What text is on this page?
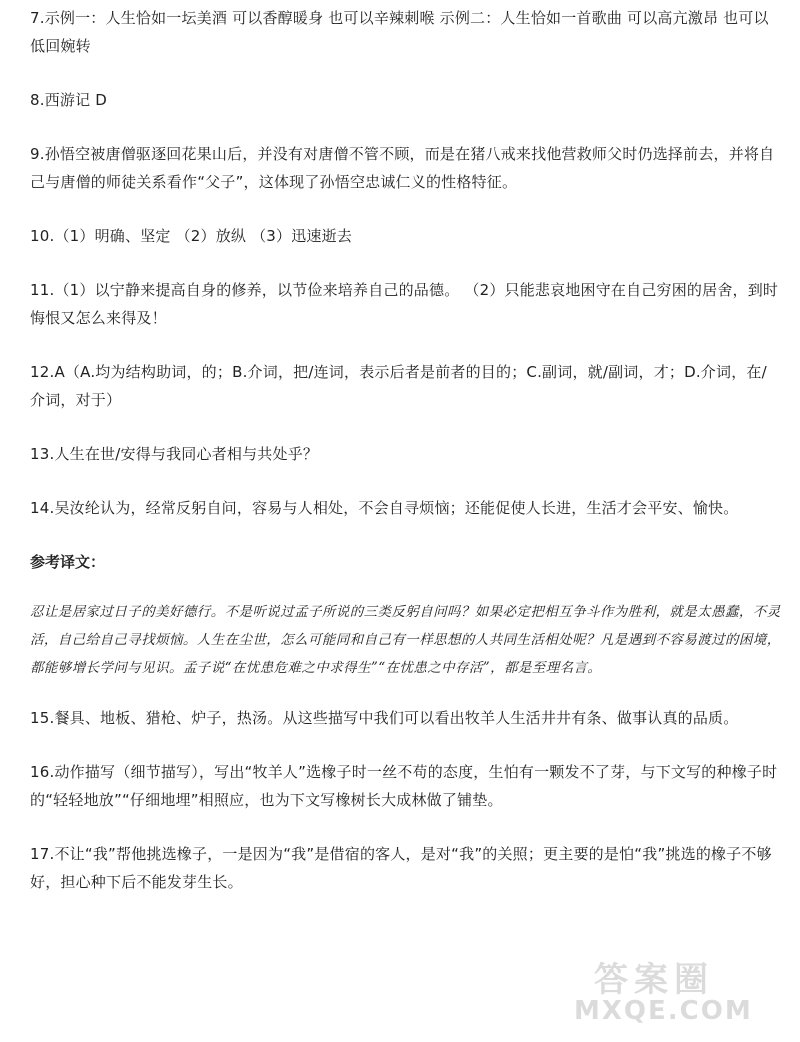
7.示例一：人生恰如一坛美酒 可以香醇暖身 也可以辛辣刺喉 示例二：人生恰如一首歌曲 可以高亢激昂 也可以低回婉转

8.西游记 D

9.孙悟空被唐僧驱逐回花果山后，并没有对唐僧不管不顾，而是在猪八戒来找他营救师父时仍选择前去，并将自己与唐僧的师徒关系看作“父子”，这体现了孙悟空忠诚仁义的性格特征。

10.（1）明确、坚定 （2）放纵 （3）迅速逝去

11.（1）以宁静来提高自身的修养，以节俭来培养自己的品德。 （2）只能悲哀地困守在自己穷困的居舍，到时悔恨又怎么来得及！

12.A（A.均为结构助词，的；B.介词，把/连词，表示后者是前者的目的；C.副词，就/副词，才；D.介词，在/介词，对于）

13.人生在世/安得与我同心者相与共处乎？

14.吴汝纶认为，经常反躬自问，容易与人相处，不会自寻烦恼；还能促使人长进，生活才会平安、愉快。

参考译文：

忍让是居家过日子的美好德行。不是听说过孟子所说的三类反躬自问吗？如果必定把相互争斗作为胜利，就是太愚蠢，不灵活，自己给自己寻找烦恼。人生在尘世，怎么可能同和自己有一样思想的人共同生活相处呢？凡是遇到不容易渡过的困境，都能够增长学问与见识。孟子说“在忧患危难之中求得生”“在忧患之中存活”，都是至理名言。

15.餐具、地板、猎枪、炉子，热汤。从这些描写中我们可以看出牧羊人生活井井有条、做事认真的品质。

16.动作描写（细节描写），写出“牧羊人”选橡子时一丝不苟的态度，生怕有一颗发不了芽，与下文写的种橡子时的“轻轻地放”“仔细地埋”相照应，也为下文写橡树长大成林做了铺垫。

17.不让“我”帮他挑选橡子，一是因为“我”是借宿的客人，是对“我”的关照；更主要的是怕“我”挑选的橡子不够好，担心种下后不能发芽生长。

答案圈
MXQE.COM
